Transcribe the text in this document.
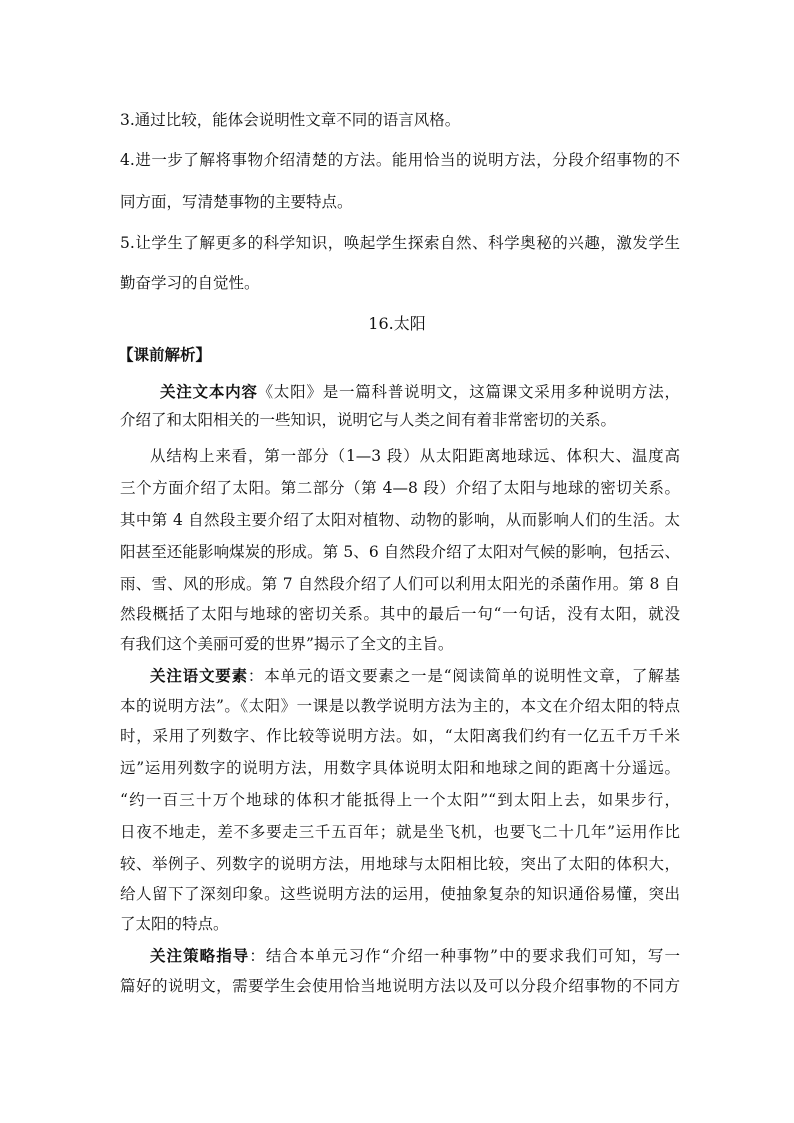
3.通过比较，能体会说明性文章不同的语言风格。
4.进一步了解将事物介绍清楚的方法。能用恰当的说明方法，分段介绍事物的不
同方面，写清楚事物的主要特点。
5.让学生了解更多的科学知识，唤起学生探索自然、科学奥秘的兴趣，激发学生
勤奋学习的自觉性。
16.太阳
【课前解析】
关注文本内容《太阳》是一篇科普说明文，这篇课文采用多种说明方法，
介绍了和太阳相关的一些知识，说明它与人类之间有着非常密切的关系。
从结构上来看，第一部分（1—3 段）从太阳距离地球远、体积大、温度高
三个方面介绍了太阳。第二部分（第 4—8 段）介绍了太阳与地球的密切关系。
其中第 4 自然段主要介绍了太阳对植物、动物的影响，从而影响人们的生活。太
阳甚至还能影响煤炭的形成。第 5、6 自然段介绍了太阳对气候的影响，包括云、
雨、雪、风的形成。第 7 自然段介绍了人们可以利用太阳光的杀菌作用。第 8 自
然段概括了太阳与地球的密切关系。其中的最后一句“一句话，没有太阳，就没
有我们这个美丽可爱的世界”揭示了全文的主旨。
关注语文要素：本单元的语文要素之一是“阅读简单的说明性文章，了解基
本的说明方法”。《太阳》一课是以教学说明方法为主的，本文在介绍太阳的特点
时，采用了列数字、作比较等说明方法。如，“太阳离我们约有一亿五千万千米
远”运用列数字的说明方法，用数字具体说明太阳和地球之间的距离十分遥远。
“约一百三十万个地球的体积才能抵得上一个太阳”“到太阳上去，如果步行，
日夜不地走，差不多要走三千五百年；就是坐飞机，也要飞二十几年”运用作比
较、举例子、列数字的说明方法，用地球与太阳相比较，突出了太阳的体积大，
给人留下了深刻印象。这些说明方法的运用，使抽象复杂的知识通俗易懂，突出
了太阳的特点。
关注策略指导：结合本单元习作“介绍一种事物”中的要求我们可知，写一
篇好的说明文，需要学生会使用恰当地说明方法以及可以分段介绍事物的不同方
